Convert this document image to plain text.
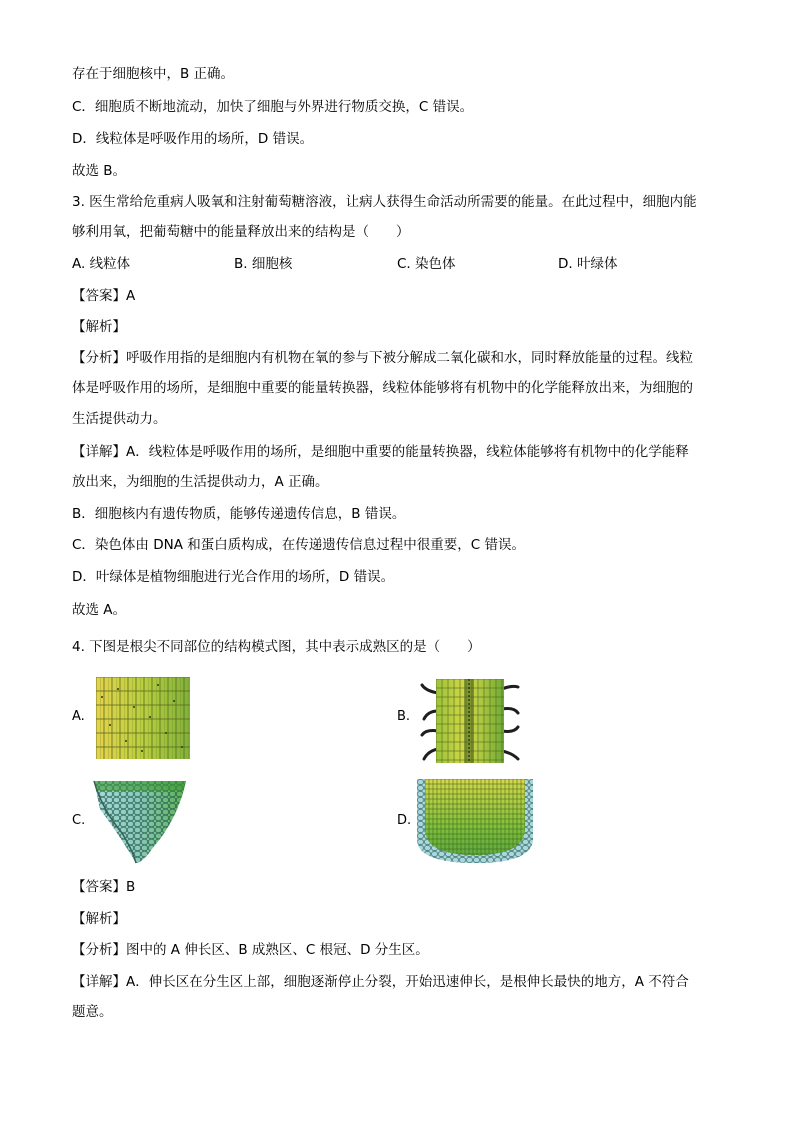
存在于细胞核中，B 正确。
C．细胞质不断地流动，加快了细胞与外界进行物质交换，C 错误。
D．线粒体是呼吸作用的场所，D 错误。
故选 B。
3. 医生常给危重病人吸氧和注射葡萄糖溶液，让病人获得生命活动所需要的能量。在此过程中，细胞内能
够利用氧，把葡萄糖中的能量释放出来的结构是（　　）
A. 线粒体	B. 细胞核	C. 染色体	D. 叶绿体
【答案】A
【解析】
【分析】呼吸作用指的是细胞内有机物在氧的参与下被分解成二氧化碳和水，同时释放能量的过程。线粒
体是呼吸作用的场所，是细胞中重要的能量转换器，线粒体能够将有机物中的化学能释放出来，为细胞的
生活提供动力。
【详解】A．线粒体是呼吸作用的场所，是细胞中重要的能量转换器，线粒体能够将有机物中的化学能释
放出来，为细胞的生活提供动力，A 正确。
B．细胞核内有遗传物质，能够传递遗传信息，B 错误。
C．染色体由 DNA 和蛋白质构成，在传递遗传信息过程中很重要，C 错误。
D．叶绿体是植物细胞进行光合作用的场所，D 错误。
故选 A。
4. 下图是根尖不同部位的结构模式图，其中表示成熟区的是（　　）
A.	B.
C.	D.
【答案】B
【解析】
【分析】图中的 A 伸长区、B 成熟区、C 根冠、D 分生区。
【详解】A．伸长区在分生区上部，细胞逐渐停止分裂，开始迅速伸长，是根伸长最快的地方，A 不符合
题意。
